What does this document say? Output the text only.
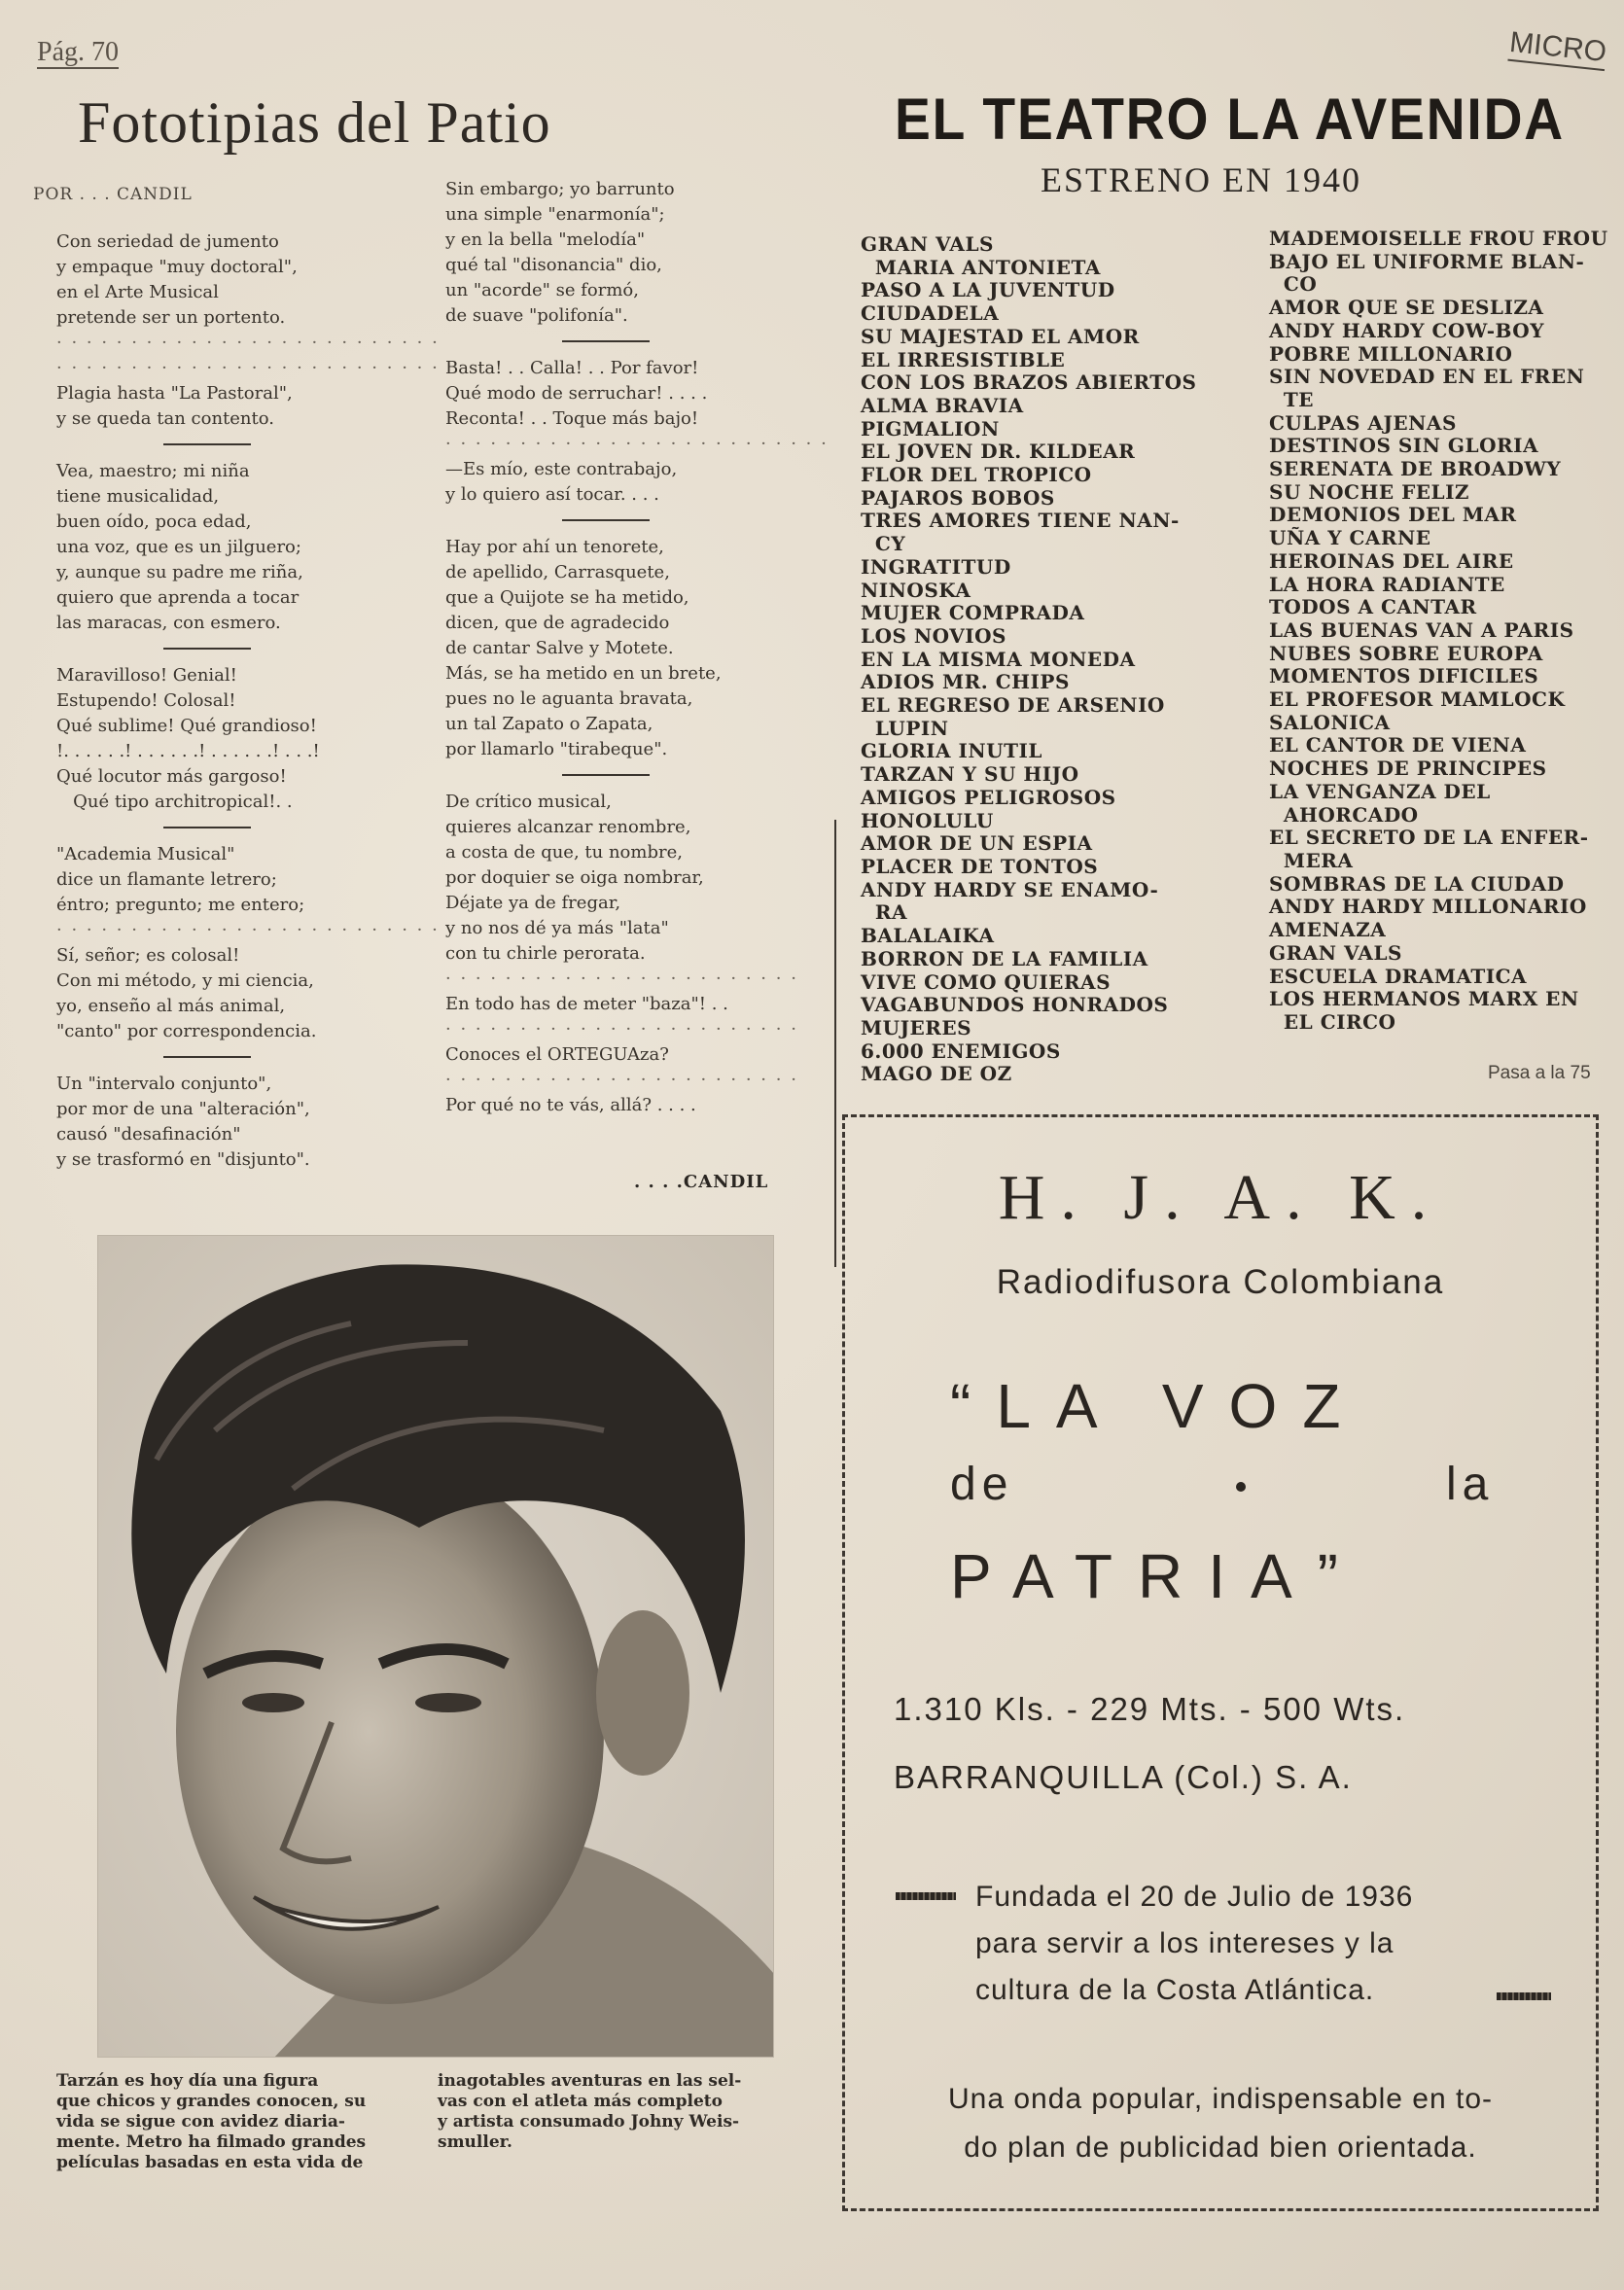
Pág. 70	MICRO
Fototipias del Patio
POR . . . CANDIL

Con seriedad de jumento

y empaque "muy doctoral",

en el Arte Musical

pretende ser un portento.

· · · · · · · · · · · · · · · · · · · · · · · · · ·

· · · · · · · · · · · · · · · · · · · · · · · · · ·

Plagia hasta "La Pastoral",

y se queda tan contento.

Vea, maestro; mi niña

tiene musicalidad,

buen oído, poca edad,

una voz, que es un jilguero;

y, aunque su padre me riña,

quiero que aprenda a tocar

las maracas, con esmero.

Maravilloso! Genial!

Estupendo! Colosal!

Qué sublime! Qué grandioso!

!. . . . . .! . . . . . .! . . . . . .! . . .!

Qué locutor más gargoso!

Qué tipo architropical!. .

"Academia Musical"

dice un flamante letrero;

éntro; pregunto; me entero;

· · · · · · · · · · · · · · · · · · · · · · · · · ·

Sí, señor; es colosal!

Con mi método, y mi ciencia,

yo, enseño al más animal,

"canto" por correspondencia.

Un "intervalo conjunto",

por mor de una "alteración",

causó "desafinación"

y se trasformó en "disjunto".

Sin embargo; yo barrunto

una simple "enarmonía";

y en la bella "melodía"

qué tal "disonancia" dio,

un "acorde" se formó,

de suave "polifonía".

Basta! . . Calla! . . Por favor!

Qué modo de serruchar! . . . .

Reconta! . . Toque más bajo!

· · · · · · · · · · · · · · · · · · · · · · · · · ·

—Es mío, este contrabajo,

y lo quiero así tocar. . . .

Hay por ahí un tenorete,

de apellido, Carrasquete,

que a Quijote se ha metido,

dicen, que de agradecido

de cantar Salve y Motete.

Más, se ha metido en un brete,

pues no le aguanta bravata,

un tal Zapato o Zapata,

por llamarlo "tirabeque".

De crítico musical,

quieres alcanzar renombre,

a costa de que, tu nombre,

por doquier se oiga nombrar,

Déjate ya de fregar,

y no nos dé ya más "lata"

con tu chirle perorata.

· · · · · · · · · · · · · · · · · · · · · · · ·

En todo has de meter "baza"! . .

· · · · · · · · · · · · · · · · · · · · · · · ·

Conoces el ORTEGUAza?

· · · · · · · · · · · · · · · · · · · · · · · ·

Por qué no te vás, allá? . . . .

. . . .CANDIL
EL TEATRO LA AVENIDA
ESTRENO EN 1940
GRAN VALS
MARIA ANTONIETA
PASO A LA JUVENTUD
CIUDADELA
SU MAJESTAD EL AMOR
EL IRRESISTIBLE
CON LOS BRAZOS ABIERTOS
ALMA BRAVIA
PIGMALION
EL JOVEN DR. KILDEAR
FLOR DEL TROPICO
PAJAROS BOBOS
TRES AMORES TIENE NAN-
CY
INGRATITUD
NINOSKA
MUJER COMPRADA
LOS NOVIOS
EN LA MISMA MONEDA
ADIOS MR. CHIPS
EL REGRESO DE ARSENIO
LUPIN
GLORIA INUTIL
TARZAN Y SU HIJO
AMIGOS PELIGROSOS
HONOLULU
AMOR DE UN ESPIA
PLACER DE TONTOS
ANDY HARDY SE ENAMO-
RA
BALALAIKA
BORRON DE LA FAMILIA
VIVE COMO QUIERAS
VAGABUNDOS HONRADOS
MUJERES
6.000 ENEMIGOS
MAGO DE OZ
MADEMOISELLE FROU FROU
BAJO EL UNIFORME BLAN-
CO
AMOR QUE SE DESLIZA
ANDY HARDY COW-BOY
POBRE MILLONARIO
SIN NOVEDAD EN EL FREN
TE
CULPAS AJENAS
DESTINOS SIN GLORIA
SERENATA DE BROADWY
SU NOCHE FELIZ
DEMONIOS DEL MAR
UÑA Y CARNE
HEROINAS DEL AIRE
LA HORA RADIANTE
TODOS A CANTAR
LAS BUENAS VAN A PARIS
NUBES SOBRE EUROPA
MOMENTOS DIFICILES
EL PROFESOR MAMLOCK
SALONICA
EL CANTOR DE VIENA
NOCHES DE PRINCIPES
LA VENGANZA DEL
AHORCADO
EL SECRETO DE LA ENFER-
MERA
SOMBRAS DE LA CIUDAD
ANDY HARDY MILLONARIO
AMENAZA
GRAN VALS
ESCUELA DRAMATICA
LOS HERMANOS MARX EN
EL CIRCO
Pasa a la 75
H. J. A. K.
Radiodifusora Colombiana
“LA VOZ
de	la
PATRIA”
1.310 Kls. - 229 Mts. - 500 Wts.
BARRANQUILLA (Col.) S. A.
Fundada el 20 de Julio de 1936
para servir a los intereses y la
cultura de la Costa Atlántica.
Una onda popular, indispensable en to-
do plan de publicidad bien orientada.
Tarzán es hoy día una figura
que chicos y grandes conocen, su
vida se sigue con avidez diaria-
mente. Metro ha filmado grandes
películas basadas en esta vida de
inagotables aventuras en las sel-
vas con el atleta más completo
y artista consumado Johny Weis-
smuller.
